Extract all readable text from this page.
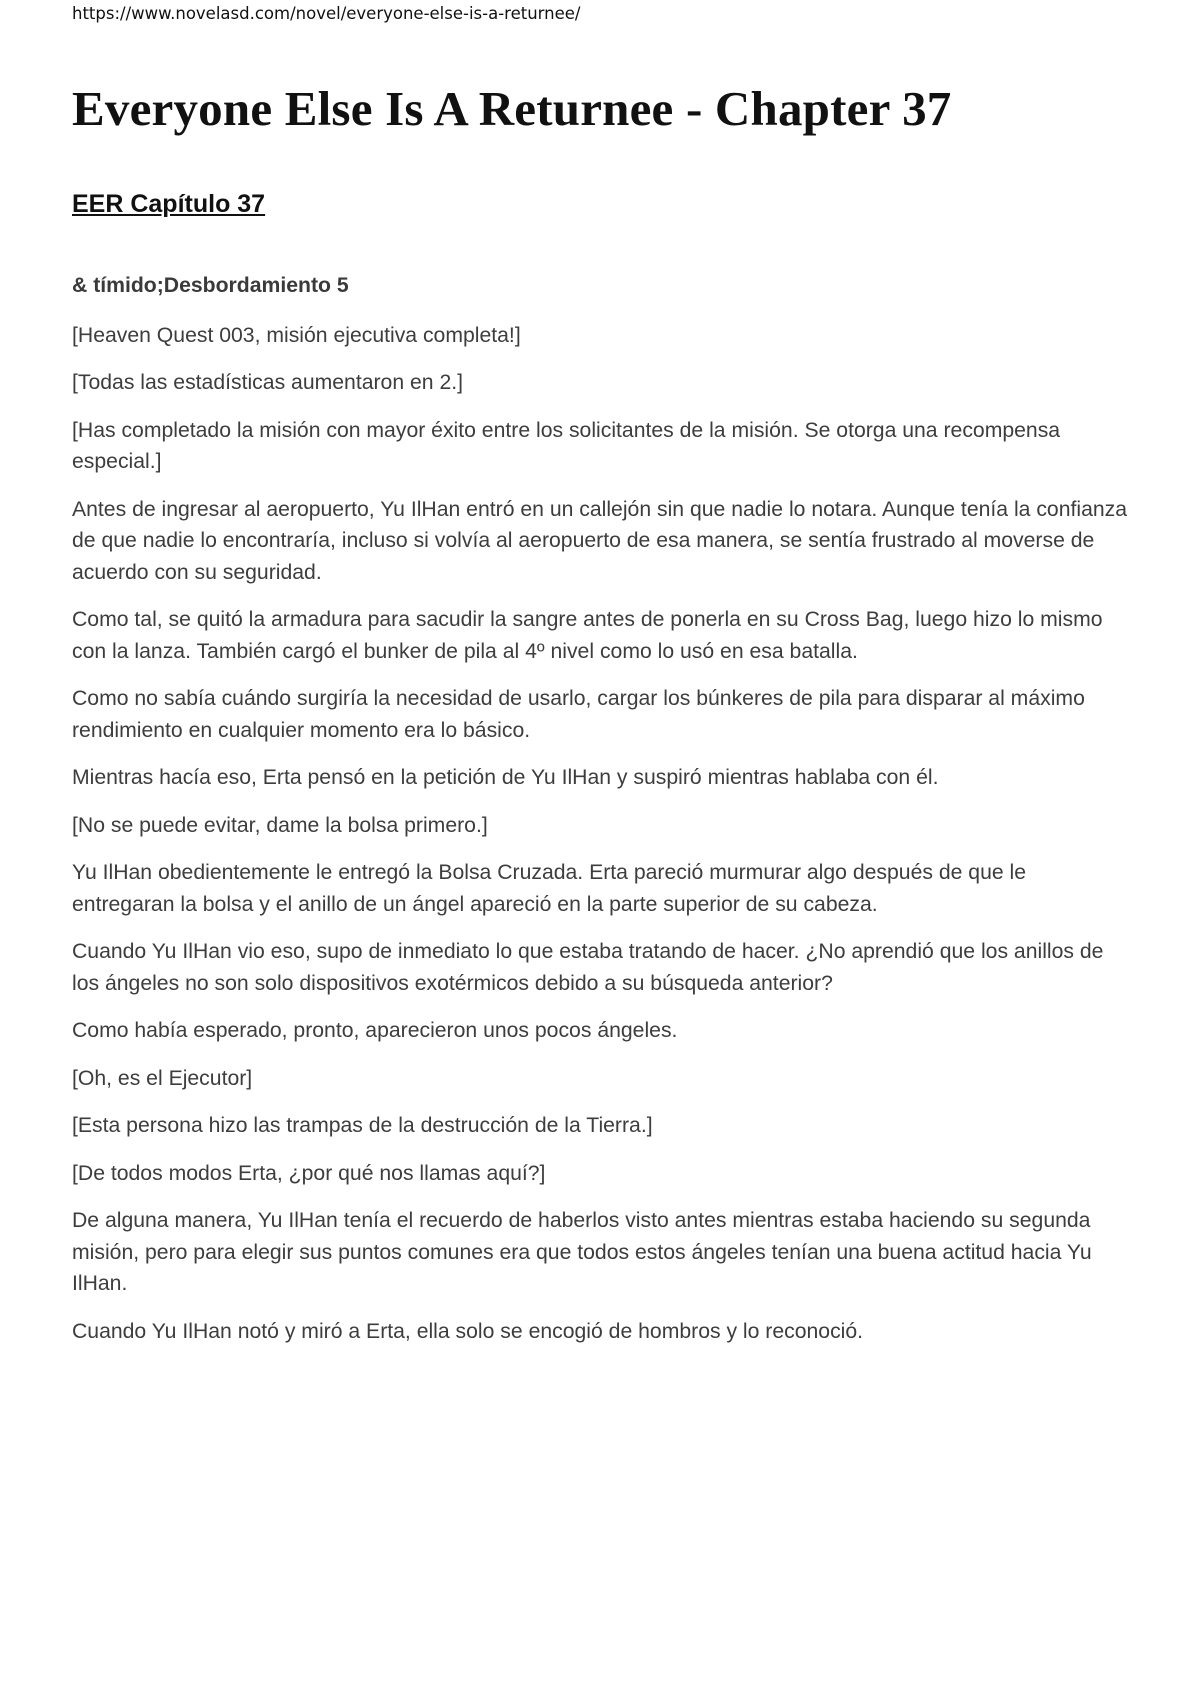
https://www.novelasd.com/novel/everyone-else-is-a-returnee/
Everyone Else Is A Returnee - Chapter 37
EER Capítulo 37

& tímido;Desbordamiento 5

[Heaven Quest 003, misión ejecutiva completa!]

[Todas las estadísticas aumentaron en 2.]

[Has completado la misión con mayor éxito entre los solicitantes de la misión. Se otorga una recompensa especial.]

Antes de ingresar al aeropuerto, Yu IlHan entró en un callejón sin que nadie lo notara. Aunque tenía la confianza de que nadie lo encontraría, incluso si volvía al aeropuerto de esa manera, se sentía frustrado al moverse de acuerdo con su seguridad.

Como tal, se quitó la armadura para sacudir la sangre antes de ponerla en su Cross Bag, luego hizo lo mismo con la lanza. También cargó el bunker de pila al 4º nivel como lo usó en esa batalla.

Como no sabía cuándo surgiría la necesidad de usarlo, cargar los búnkeres de pila para disparar al máximo rendimiento en cualquier momento era lo básico.

Mientras hacía eso, Erta pensó en la petición de Yu IlHan y suspiró mientras hablaba con él.

[No se puede evitar, dame la bolsa primero.]

Yu IlHan obedientemente le entregó la Bolsa Cruzada. Erta pareció murmurar algo después de que le entregaran la bolsa y el anillo de un ángel apareció en la parte superior de su cabeza.

Cuando Yu IlHan vio eso, supo de inmediato lo que estaba tratando de hacer. ¿No aprendió que los anillos de los ángeles no son solo dispositivos exotérmicos debido a su búsqueda anterior?

Como había esperado, pronto, aparecieron unos pocos ángeles.

[Oh, es el Ejecutor]

[Esta persona hizo las trampas de la destrucción de la Tierra.]

[De todos modos Erta, ¿por qué nos llamas aquí?]

De alguna manera, Yu IlHan tenía el recuerdo de haberlos visto antes mientras estaba haciendo su segunda misión, pero para elegir sus puntos comunes era que todos estos ángeles tenían una buena actitud hacia Yu IlHan.

Cuando Yu IlHan notó y miró a Erta, ella solo se encogió de hombros y lo reconoció.
